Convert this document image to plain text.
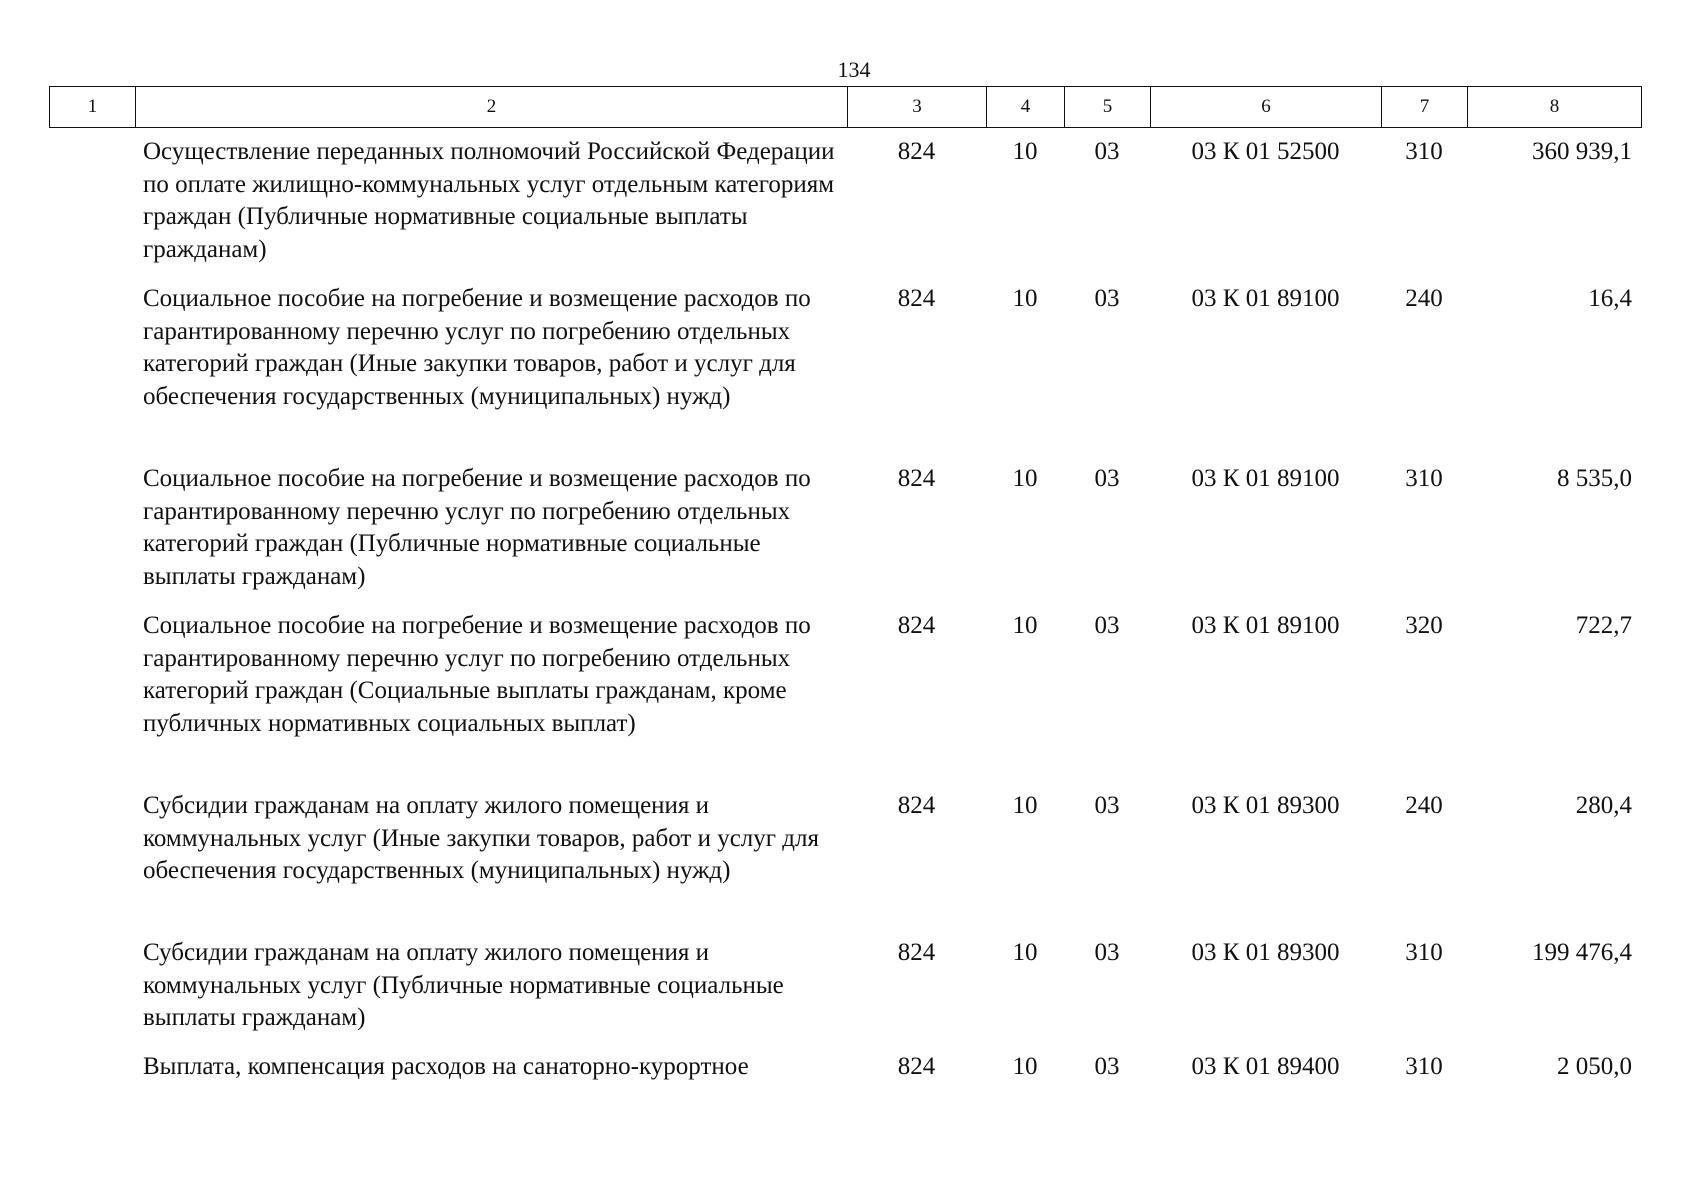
134
1	2	3	4	5	6	7	8
Осуществление переданных полномочий Российской Федерации по оплате жилищно-коммунальных услуг отдельным категориям граждан (Публичные нормативные социальные выплаты гражданам)
824	10	03	03 К 01 52500	310	360 939,1
Социальное пособие на погребение и возмещение расходов по гарантированному перечню услуг по погребению отдельных категорий граждан (Иные закупки товаров, работ и услуг для обеспечения государственных (муниципальных) нужд)
824	10	03	03 К 01 89100	240	16,4
Социальное пособие на погребение и возмещение расходов по гарантированному перечню услуг по погребению отдельных категорий граждан (Публичные нормативные социальные выплаты гражданам)
824	10	03	03 К 01 89100	310	8 535,0
Социальное пособие на погребение и возмещение расходов по гарантированному перечню услуг по погребению отдельных категорий граждан (Социальные выплаты гражданам, кроме публичных нормативных социальных выплат)
824	10	03	03 К 01 89100	320	722,7
Субсидии гражданам на оплату жилого помещения и коммунальных услуг (Иные закупки товаров, работ и услуг для обеспечения государственных (муниципальных) нужд)
824	10	03	03 К 01 89300	240	280,4
Субсидии гражданам на оплату жилого помещения и коммунальных услуг (Публичные нормативные социальные выплаты гражданам)
824	10	03	03 К 01 89300	310	199 476,4
Выплата, компенсация расходов на санаторно-курортное	824	10	03	03 К 01 89400	310	2 050,0
